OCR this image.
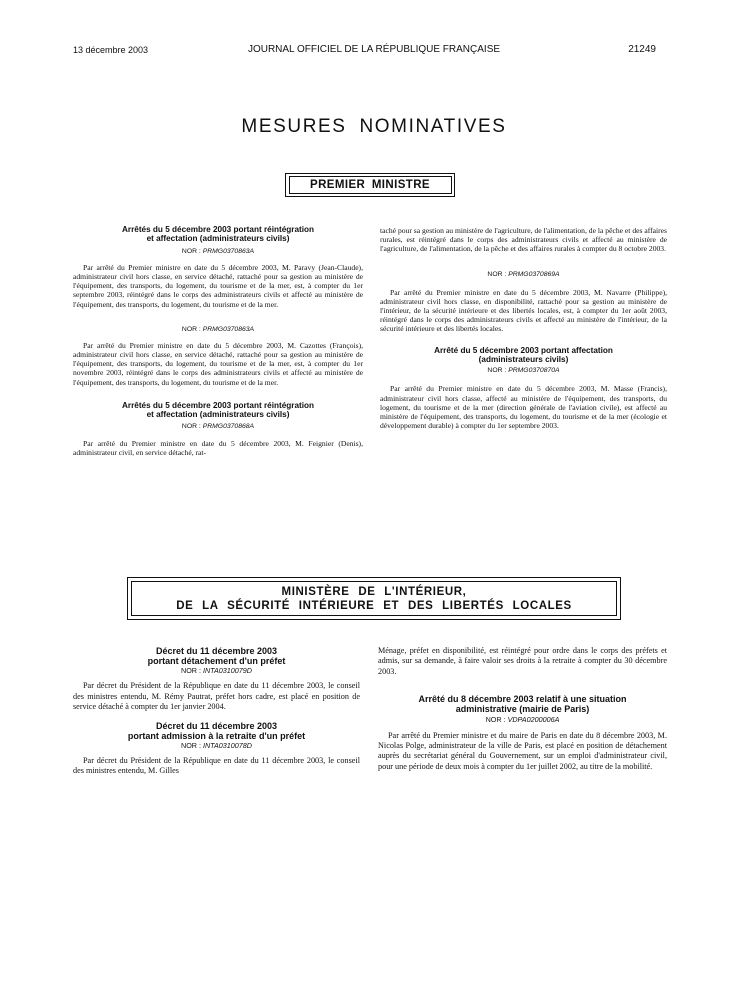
13 décembre 2003	JOURNAL OFFICIEL DE LA RÉPUBLIQUE FRANÇAISE	21249
MESURES NOMINATIVES
PREMIER MINISTRE
Arrêtés du 5 décembre 2003 portant réintégration
et affectation (administrateurs civils)
NOR : PRMG0370863A

Par arrêté du Premier ministre en date du 5 décembre 2003, M. Paravy (Jean-Claude), administrateur civil hors classe, en service détaché, rattaché pour sa gestion au ministère de l'équipement, des transports, du logement, du tourisme et de la mer, est, à compter du 1er septembre 2003, réintégré dans le corps des administrateurs civils et affecté au ministère de l'équipement, des transports, du logement, du tourisme et de la mer.

NOR : PRMG0370863A

Par arrêté du Premier ministre en date du 5 décembre 2003, M. Cazottes (François), administrateur civil hors classe, en service détaché, rattaché pour sa gestion au ministère de l'équipement, des transports, du logement, du tourisme et de la mer, est, à compter du 1er novembre 2003, réintégré dans le corps des administrateurs civils et affecté au ministère de l'équipement, des transports, du logement, du tourisme et de la mer.

Arrêtés du 5 décembre 2003 portant réintégration
et affectation (administrateurs civils)
NOR : PRMG0370868A

Par arrêté du Premier ministre en date du 5 décembre 2003, M. Feignier (Denis), administrateur civil, en service détaché, rat-

taché pour sa gestion au ministère de l'agriculture, de l'alimentation, de la pêche et des affaires rurales, est réintégré dans le corps des administrateurs civils et affecté au ministère de l'agriculture, de l'alimentation, de la pêche et des affaires rurales à compter du 8 octobre 2003.

NOR : PRMG0370869A

Par arrêté du Premier ministre en date du 5 décembre 2003, M. Navarre (Philippe), administrateur civil hors classe, en disponibilité, rattaché pour sa gestion au ministère de l'intérieur, de la sécurité intérieure et des libertés locales, est, à compter du 1er août 2003, réintégré dans le corps des administrateurs civils et affecté au ministère de l'intérieur, de la sécurité intérieure et des libertés locales.

Arrêté du 5 décembre 2003 portant affectation
(administrateurs civils)
NOR : PRMG0370870A

Par arrêté du Premier ministre en date du 5 décembre 2003, M. Masse (Francis), administrateur civil hors classe, affecté au ministère de l'équipement, des transports, du logement, du tourisme et de la mer (direction générale de l'aviation civile), est affecté au ministère de l'équipement, des transports, du logement, du tourisme et de la mer (écologie et développement durable) à compter du 1er septembre 2003.

MINISTÈRE DE L'INTÉRIEUR,
DE LA SÉCURITÉ INTÉRIEURE ET DES LIBERTÉS LOCALES
Décret du 11 décembre 2003
portant détachement d'un préfet
NOR : INTA0310079D

Par décret du Président de la République en date du 11 décembre 2003, le conseil des ministres entendu, M. Rémy Pautrat, préfet hors cadre, est placé en position de service détaché à compter du 1er janvier 2004.

Décret du 11 décembre 2003
portant admission à la retraite d'un préfet
NOR : INTA0310078D

Par décret du Président de la République en date du 11 décembre 2003, le conseil des ministres entendu, M. Gilles

Ménage, préfet en disponibilité, est réintégré pour ordre dans le corps des préfets et admis, sur sa demande, à faire valoir ses droits à la retraite à compter du 30 décembre 2003.

Arrêté du 8 décembre 2003 relatif à une situation
administrative (mairie de Paris)
NOR : VDPA0200006A

Par arrêté du Premier ministre et du maire de Paris en date du 8 décembre 2003, M. Nicolas Polge, administrateur de la ville de Paris, est placé en position de détachement auprès du secrétariat général du Gouvernement, sur un emploi d'administrateur civil, pour une période de deux mois à compter du 1er juillet 2002, au titre de la mobilité.
